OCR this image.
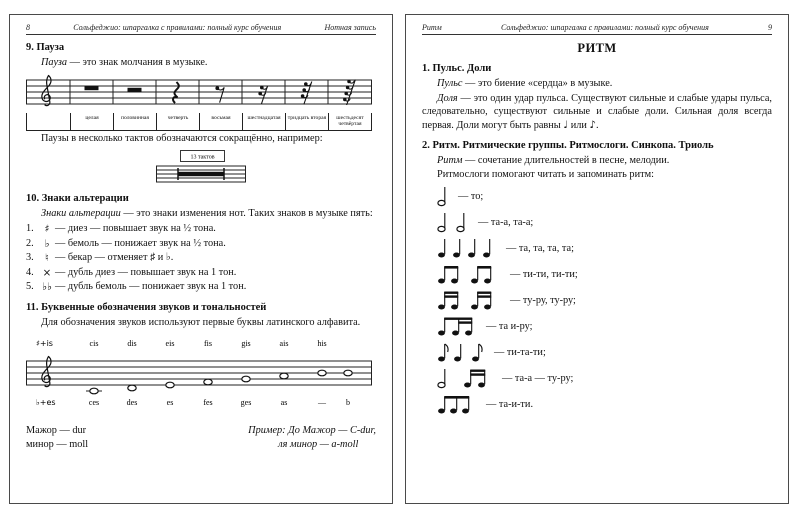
8	Сольфеджио: шпаргалка с правилами: полный курс обучения	Нотная запись
9. Пауза

Пауза — это знак молчания в музыке.

целая	половинная	четверть	восьмая	шестнадцатая	тридцать вторая	шестьдесят четвёртая

Паузы в несколько тактов обозначаются сокращённо, например:

13 тактов
10. Знаки альтерации

Знаки альтерации — это знаки изменения нот. Таких знаков в музыке пять:

1.	♯ — диез — повышает звук на ½ тона.
2.	♭ — бемоль — понижает звук на ½ тона.
3.	♮ — бекар — отменяет ♯ и ♭.
4. × — дубль диез — повышает звук на 1 тон.
5. ♭♭ — дубль бемоль — понижает звук на 1 тон.
11. Буквенные обозначения звуков и тональностей

Для обозначения звуков используют первые буквы латинского алфавита.

♯+is	cis	dis	eis	fis	gis	ais	his
♭+es	ces	des	es	fes	ges	as	—	b
Мажор — dur
минор — moll
Пример: До Мажор — C-dur,
ля минор — a-moll
Ритм	Сольфеджио: шпаргалка с правилами: полный курс обучения	9
РИТМ
1. Пульс. Доли

Пульс — это биение «сердца» в музыке.

Доля — это один удар пульса. Существуют сильные и слабые удары пульса, следовательно, существуют сильные и слабые доли. Сильная доля всегда первая. Доли могут быть равны ♩ или ♪.

2. Ритм. Ритмические группы. Ритмослоги. Синкопа. Триоль

Ритм — сочетание длительностей в песне, мелодии.

Ритмослоги помогают читать и запоминать ритм:

— то;
— та-а, та-а;
— та, та, та, та;
— ти-ти, ти-ти;
— ту-ру, ту-ру;
— та и-ру;
— ти-та-ти;
— та-а — ту-ру;
— та-и-ти.
